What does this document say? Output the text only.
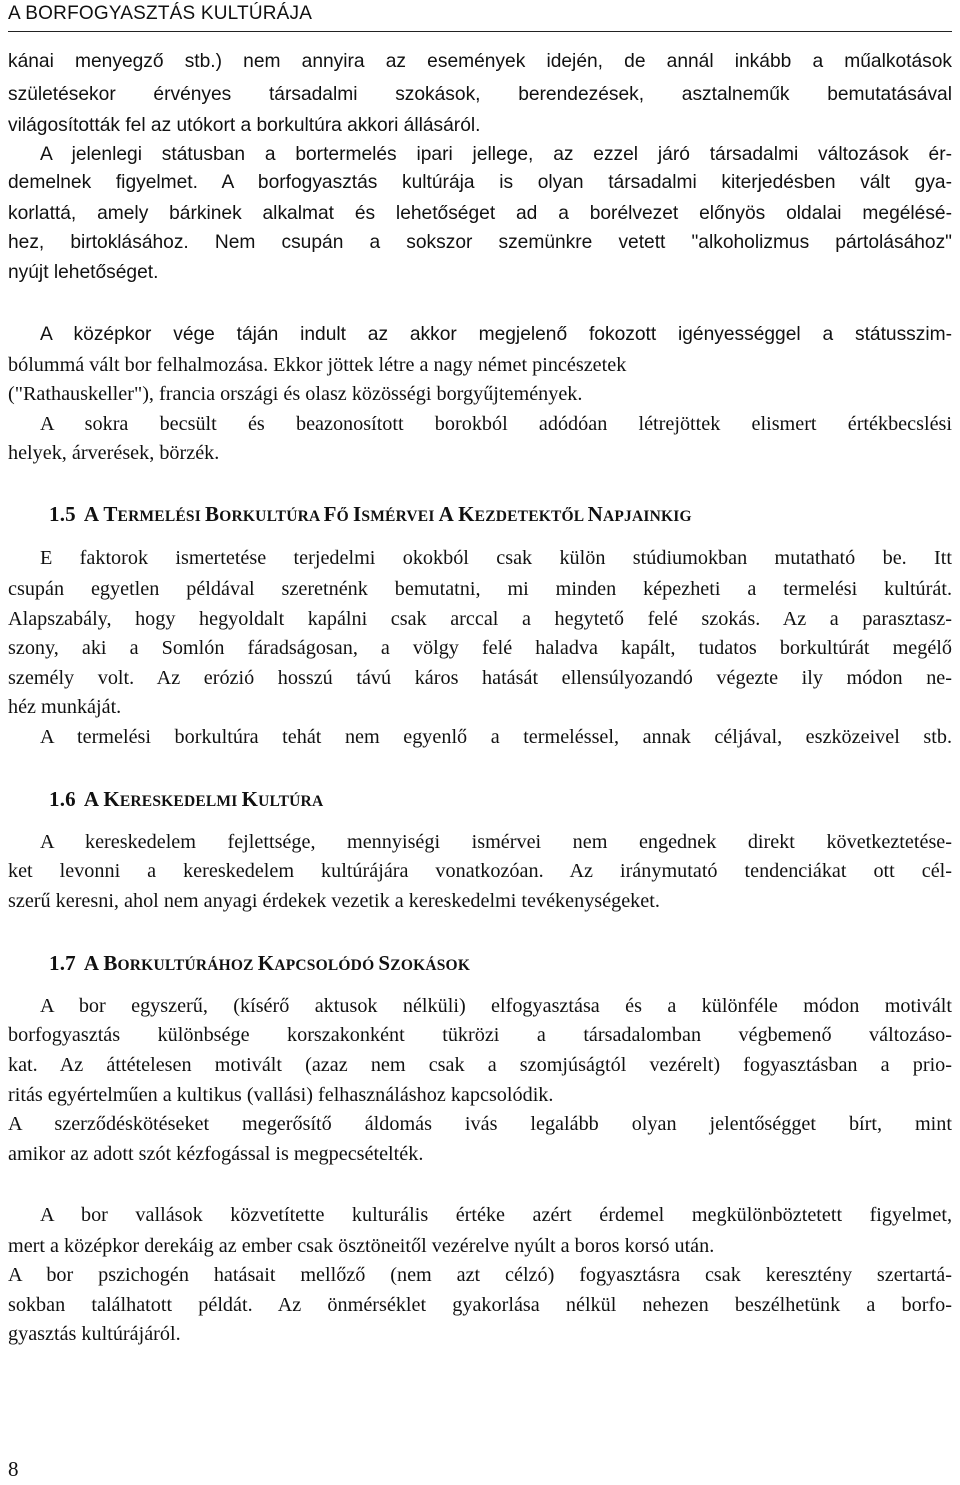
A BORFOGYASZTÁS KULTÚRÁJA

kánai menyegző stb.) nem annyira az események idején, de annál inkább a műalkotások

születésekor érvényes társadalmi szokások, berendezések, asztalneműk bemutatásával

világosították fel az utókort a borkultúra akkori állásáról.

A jelenlegi státusban a bortermelés ipari jellege, az ezzel járó társadalmi változások ér-

demelnek figyelmet. A borfogyasztás kultúrája is olyan társadalmi kiterjedésben vált gya-

korlattá, amely bárkinek alkalmat és lehetőséget ad a borélvezet előnyös oldalai megélésé-

hez, birtoklásához. Nem csupán a sokszor szemünkre vetett "alkoholizmus pártolásához"

nyújt lehetőséget.

A középkor vége táján indult az akkor megjelenő fokozott igényességgel a státusszim-

bólummá vált bor felhalmozása. Ekkor jöttek létre a nagy német pincészetek

("Rathauskeller"), francia országi és olasz közösségi borgyűjtemények.

A sokra becsült és beazonosított borokból adódóan létrejöttek elismert értékbecslési

helyek, árverések, börzék.

1.5 A TERMELÉSI BORKULTÚRA FŐ ISMÉRVEI A KEZDETEKTŐL NAPJAINKIG

E faktorok ismertetése terjedelmi okokból csak külön stúdiumokban mutatható be. Itt

csupán egyetlen példával szeretnénk bemutatni, mi minden képezheti a termelési kultúrát.

Alapszabály, hogy hegyoldalt kapálni csak arccal a hegytető felé szokás. Az a parasztasz-

szony, aki a Somlón fáradságosan, a völgy felé haladva kapált, tudatos borkultúrát megélő

személy volt. Az erózió hosszú távú káros hatását ellensúlyozandó végezte ily módon ne-

héz munkáját.

A termelési borkultúra tehát nem egyenlő a termeléssel, annak céljával, eszközeivel stb.

1.6 A KERESKEDELMI KULTÚRA

A kereskedelem fejlettsége, mennyiségi ismérvei nem engednek direkt következtetése-

ket levonni a kereskedelem kultúrájára vonatkozóan. Az iránymutató tendenciákat ott cél-

szerű keresni, ahol nem anyagi érdekek vezetik a kereskedelmi tevékenységeket.

1.7 A BORKULTÚRÁHOZ KAPCSOLÓDÓ SZOKÁSOK

A bor egyszerű, (kísérő aktusok nélküli) elfogyasztása és a különféle módon motivált

borfogyasztás különbsége korszakonként tükrözi a társadalomban végbemenő változáso-

kat. Az áttételesen motivált (azaz nem csak a szomjúságtól vezérelt) fogyasztásban a prio-

ritás egyértelműen a kultikus (vallási) felhasználáshoz kapcsolódik.

A szerződéskötéseket megerősítő áldomás ivás legalább olyan jelentőségget bírt, mint

amikor az adott szót kézfogással is megpecsételték.

A bor vallások közvetítette kulturális értéke azért érdemel megkülönböztetett figyelmet,

mert a középkor derekáig az ember csak ösztöneitől vezérelve nyúlt a boros korsó után.

A bor pszichogén hatásait mellőző (nem azt célzó) fogyasztásra csak keresztény szertartá-

sokban találhatott példát. Az önmérséklet gyakorlása nélkül nehezen beszélhetünk a borfo-

gyasztás kultúrájáról.

8
